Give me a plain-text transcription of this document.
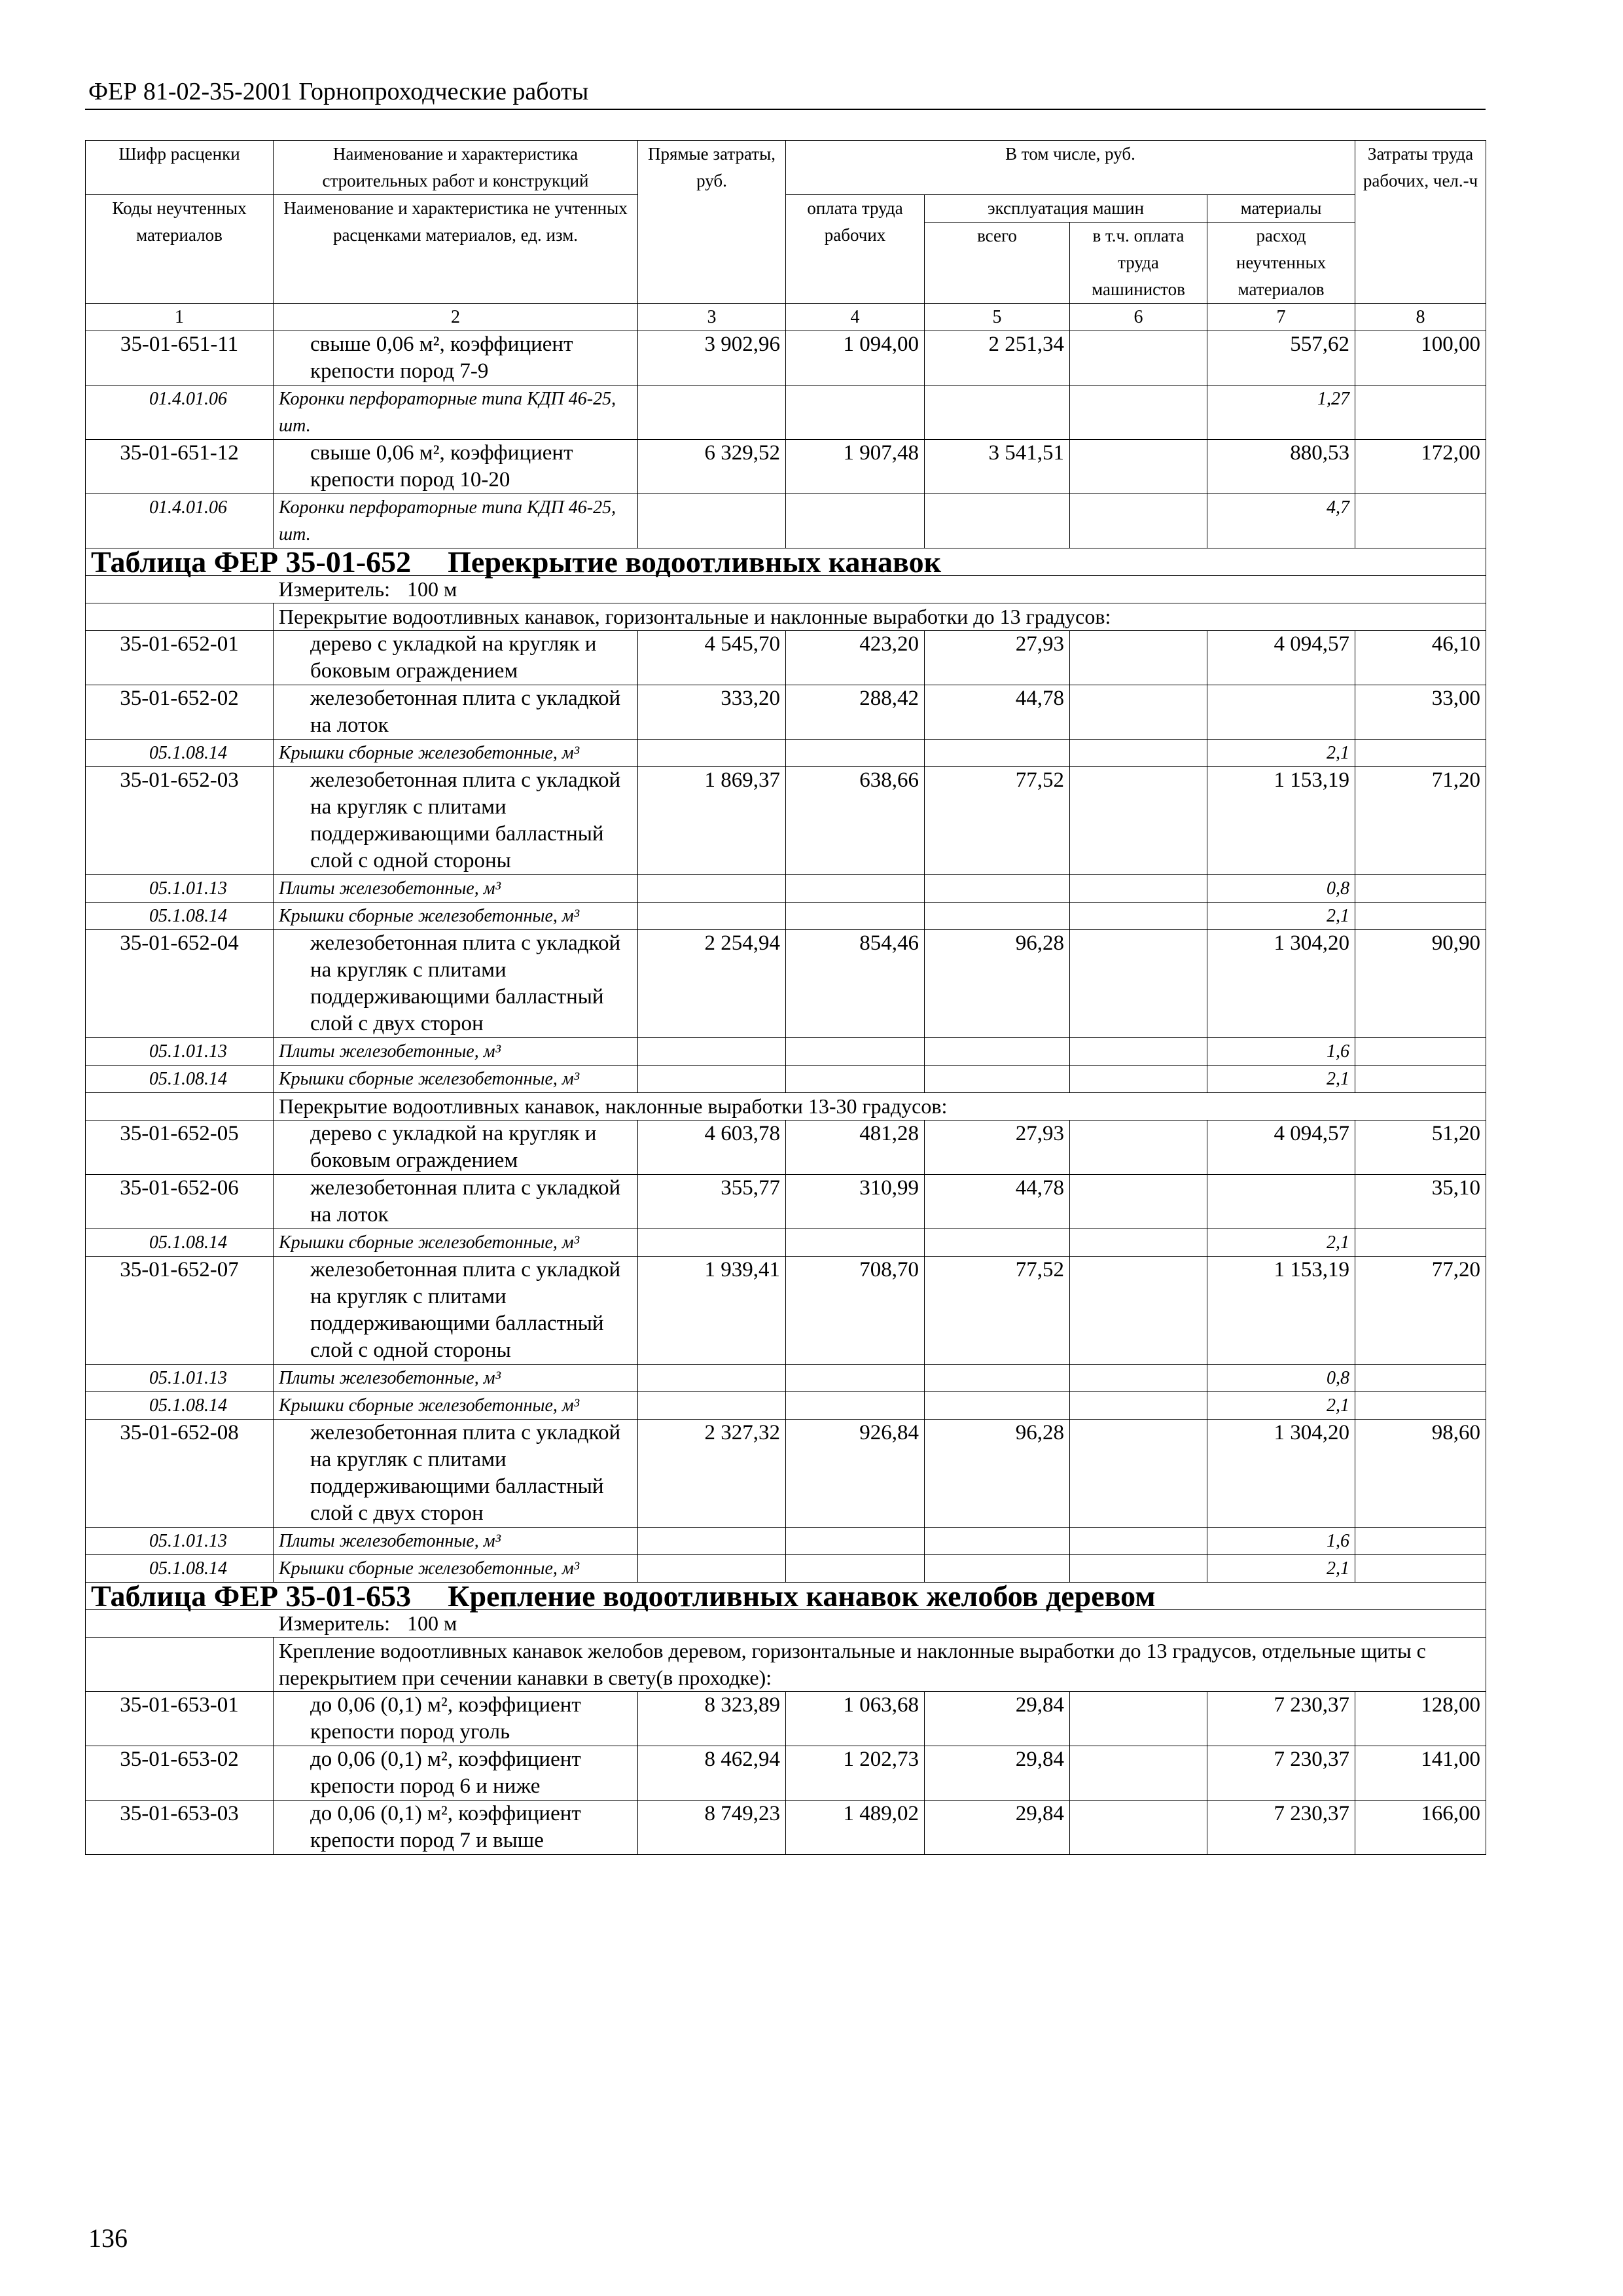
ФЕР 81-02-35-2001 Горнопроходческие работы
Шифр расценки	Наименование и характеристика строительных работ и конструкций	Прямые затраты, руб.	В том числе, руб.				Затраты труда рабочих, чел.-ч
Коды неучтенных материалов	Наименование и характеристика не учтенных расценками материалов, ед. изм.		оплата труда рабочих	эксплуатация машин		материалы	
				всего	в т.ч. оплата труда машинистов	расход неучтенных материалов	
1	2	3	4	5	6	7	8
35-01-651-11	свыше 0,06 м², коэффициент крепости пород 7-9	3 902,96	1 094,00	2 251,34		557,62	100,00
01.4.01.06	Коронки перфораторные типа КДП 46-25, шт.					1,27	
35-01-651-12	свыше 0,06 м², коэффициент крепости пород 10-20	6 329,52	1 907,48	3 541,51		880,53	172,00
01.4.01.06	Коронки перфораторные типа КДП 46-25, шт.					4,7	
Таблица ФЕР 35-01-652 Перекрытие водоотливных канавок							
	Измеритель: 100 м						
	Перекрытие водоотливных канавок, горизонтальные и наклонные выработки до 13 градусов:						
35-01-652-01	дерево с укладкой на кругляк и боковым ограждением	4 545,70	423,20	27,93		4 094,57	46,10
35-01-652-02	железобетонная плита с укладкой на лоток	333,20	288,42	44,78			33,00
05.1.08.14	Крышки сборные железобетонные, м³					2,1	
35-01-652-03	железобетонная плита с укладкой на кругляк с плитами поддерживающими балластный слой с одной стороны	1 869,37	638,66	77,52		1 153,19	71,20
05.1.01.13	Плиты железобетонные, м³					0,8	
05.1.08.14	Крышки сборные железобетонные, м³					2,1	
35-01-652-04	железобетонная плита с укладкой на кругляк с плитами поддерживающими балластный слой с двух сторон	2 254,94	854,46	96,28		1 304,20	90,90
05.1.01.13	Плиты железобетонные, м³					1,6	
05.1.08.14	Крышки сборные железобетонные, м³					2,1	
	Перекрытие водоотливных канавок, наклонные выработки 13-30 градусов:						
35-01-652-05	дерево с укладкой на кругляк и боковым ограждением	4 603,78	481,28	27,93		4 094,57	51,20
35-01-652-06	железобетонная плита с укладкой на лоток	355,77	310,99	44,78			35,10
05.1.08.14	Крышки сборные железобетонные, м³					2,1	
35-01-652-07	железобетонная плита с укладкой на кругляк с плитами поддерживающими балластный слой с одной стороны	1 939,41	708,70	77,52		1 153,19	77,20
05.1.01.13	Плиты железобетонные, м³					0,8	
05.1.08.14	Крышки сборные железобетонные, м³					2,1	
35-01-652-08	железобетонная плита с укладкой на кругляк с плитами поддерживающими балластный слой с двух сторон	2 327,32	926,84	96,28		1 304,20	98,60
05.1.01.13	Плиты железобетонные, м³					1,6	
05.1.08.14	Крышки сборные железобетонные, м³					2,1	
Таблица ФЕР 35-01-653 Крепление водоотливных канавок желобов деревом							
	Измеритель: 100 м						
	Крепление водоотливных канавок желобов деревом, горизонтальные и наклонные выработки до 13 градусов, отдельные щиты с перекрытием при сечении канавки в свету(в проходке):						
35-01-653-01	до 0,06 (0,1) м², коэффициент крепости пород уголь	8 323,89	1 063,68	29,84		7 230,37	128,00
35-01-653-02	до 0,06 (0,1) м², коэффициент крепости пород 6 и ниже	8 462,94	1 202,73	29,84		7 230,37	141,00
35-01-653-03	до 0,06 (0,1) м², коэффициент крепости пород 7 и выше	8 749,23	1 489,02	29,84		7 230,37	166,00
136
